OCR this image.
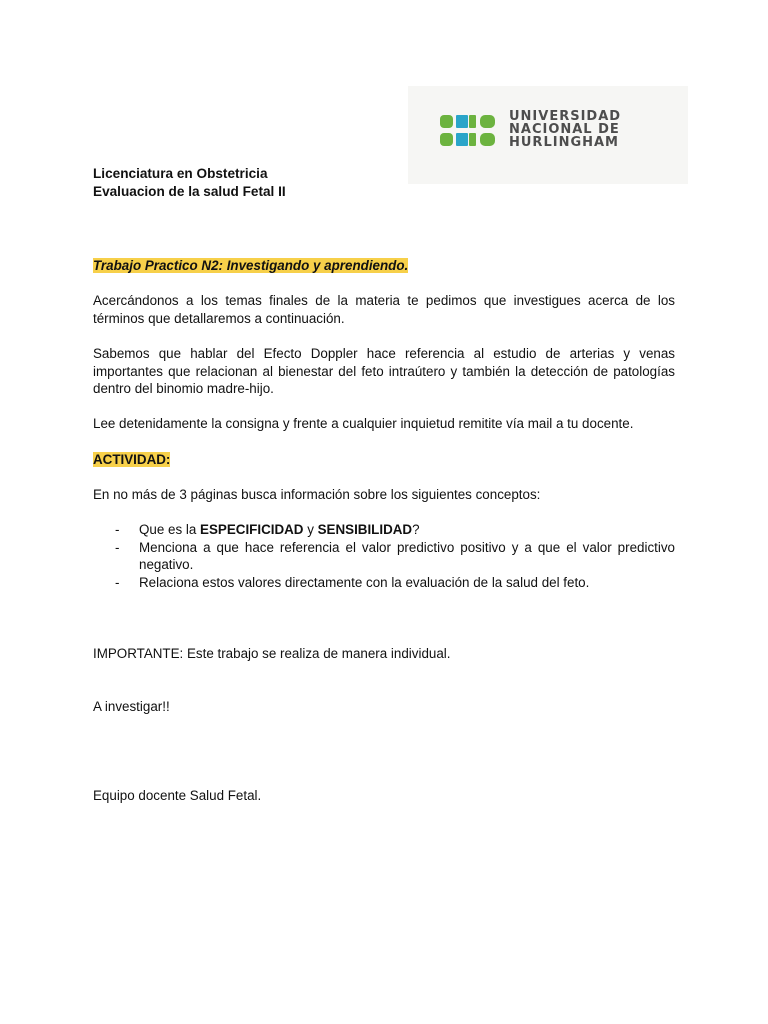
UNIVERSIDAD
NACIONAL DE
HURLINGHAM
Licenciatura en Obstetricia
Evaluacion de la salud Fetal II
Trabajo Practico N2: Investigando y aprendiendo.

Acercándonos a los temas finales de la materia te pedimos que investigues acerca de los términos que detallaremos a continuación.

Sabemos que hablar del Efecto Doppler hace referencia al estudio de arterias y venas importantes que relacionan al bienestar del feto intraútero y también la detección de patologías dentro del binomio madre-hijo.

Lee detenidamente la consigna y frente a cualquier inquietud remitite vía mail a tu docente.

ACTIVIDAD:

En no más de 3 páginas busca información sobre los siguientes conceptos:

- Que es la ESPECIFICIDAD y SENSIBILIDAD?
- Menciona a que hace referencia el valor predictivo positivo y a que el valor predictivo negativo.
- Relaciona estos valores directamente con la evaluación de la salud del feto.

IMPORTANTE: Este trabajo se realiza de manera individual.

A investigar!!

Equipo docente Salud Fetal.
